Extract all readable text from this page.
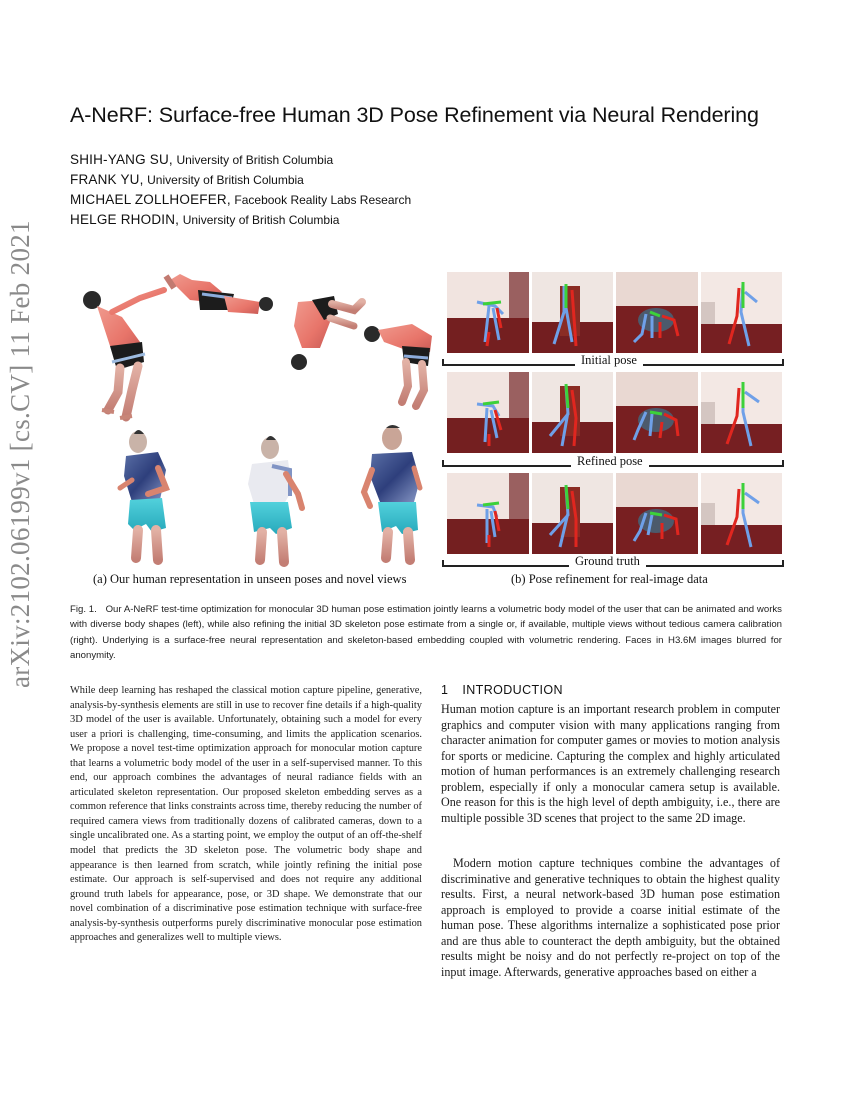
arXiv:2102.06199v1 [cs.CV] 11 Feb 2021
A-NeRF: Surface-free Human 3D Pose Refinement via Neural Rendering
SHIH-YANG SU, University of British Columbia
FRANK YU, University of British Columbia
MICHAEL ZOLLHOEFER, Facebook Reality Labs Research
HELGE RHODIN, University of British Columbia
(a) Our human representation in unseen poses and novel views
Initial pose
Refined pose
Ground truth
(b) Pose refinement for real-image data
Fig. 1. Our A-NeRF test-time optimization for monocular 3D human pose estimation jointly learns a volumetric body model of the user that can be animated and works with diverse body shapes (left), while also refining the initial 3D skeleton pose estimate from a single or, if available, multiple views without tedious camera calibration (right). Underlying is a surface-free neural representation and skeleton-based embedding coupled with volumetric rendering. Faces in H3.6M images blurred for anonymity.
While deep learning has reshaped the classical motion capture pipeline, generative, analysis-by-synthesis elements are still in use to recover fine details if a high-quality 3D model of the user is available. Unfortunately, obtaining such a model for every user a priori is challenging, time-consuming, and limits the application scenarios. We propose a novel test-time optimization approach for monocular motion capture that learns a volumetric body model of the user in a self-supervised manner. To this end, our approach combines the advantages of neural radiance fields with an articulated skeleton representation. Our proposed skeleton embedding serves as a common reference that links constraints across time, thereby reducing the number of required camera views from traditionally dozens of calibrated cameras, down to a single uncalibrated one. As a starting point, we employ the output of an off-the-shelf model that predicts the 3D skeleton pose. The volumetric body shape and appearance is then learned from scratch, while jointly refining the initial pose estimate. Our approach is self-supervised and does not require any additional ground truth labels for appearance, pose, or 3D shape. We demonstrate that our novel combination of a discriminative pose estimation technique with surface-free analysis-by-synthesis outperforms purely discriminative monocular pose estimation approaches and generalizes well to multiple views.
1 INTRODUCTION

Human motion capture is an important research problem in computer graphics and computer vision with many applications ranging from character animation for computer games or movies to motion analysis for sports or medicine. Capturing the complex and highly articulated motion of human performances is an extremely challenging research problem, especially if only a monocular camera setup is available. One reason for this is the high level of depth ambiguity, i.e., there are multiple possible 3D scenes that project to the same 2D image.

Modern motion capture techniques combine the advantages of discriminative and generative techniques to obtain the highest quality results. First, a neural network-based 3D human pose estimation approach is employed to provide a coarse initial estimate of the human pose. These algorithms internalize a sophisticated pose prior and are thus able to counteract the depth ambiguity, but the obtained results might be noisy and do not perfectly re-project on top of the input image. Afterwards, generative approaches based on either a
